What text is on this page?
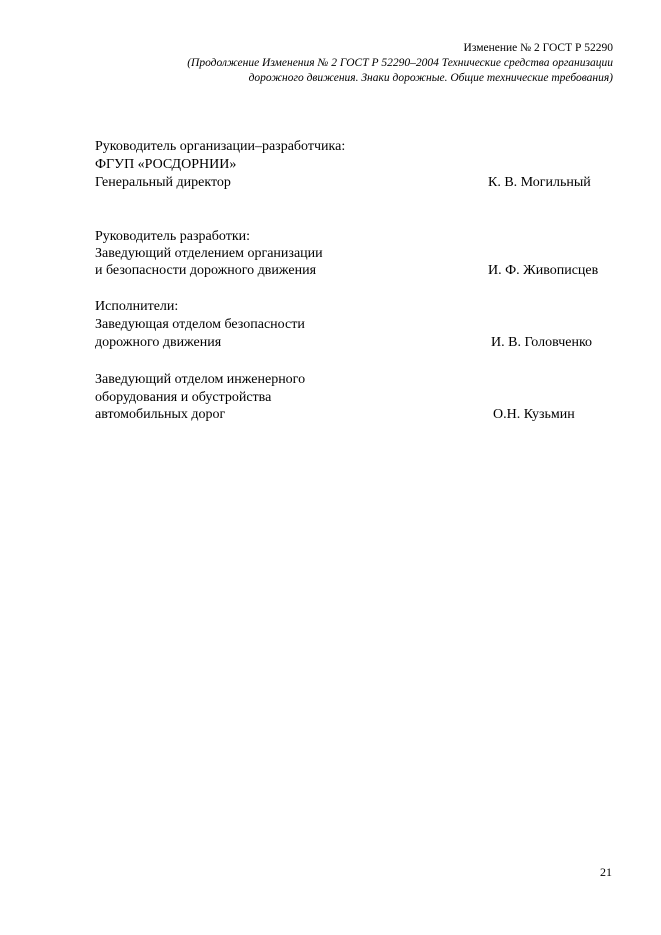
Изменение № 2 ГОСТ Р 52290
(Продолжение Изменения № 2 ГОСТ Р 52290–2004 Технические средства организации
дорожного движения. Знаки дорожные. Общие технические требования)
Руководитель организации–разработчика:
ФГУП «РОСДОРНИИ»
Генеральный директор	К. В. Могильный
Руководитель разработки:
Заведующий отделением организации
и безопасности дорожного движения	И. Ф. Живописцев
Исполнители:
Заведующая отделом безопасности
дорожного движения	И. В. Головченко
Заведующий отделом инженерного
оборудования и обустройства
автомобильных дорог	О.Н. Кузьмин
21
